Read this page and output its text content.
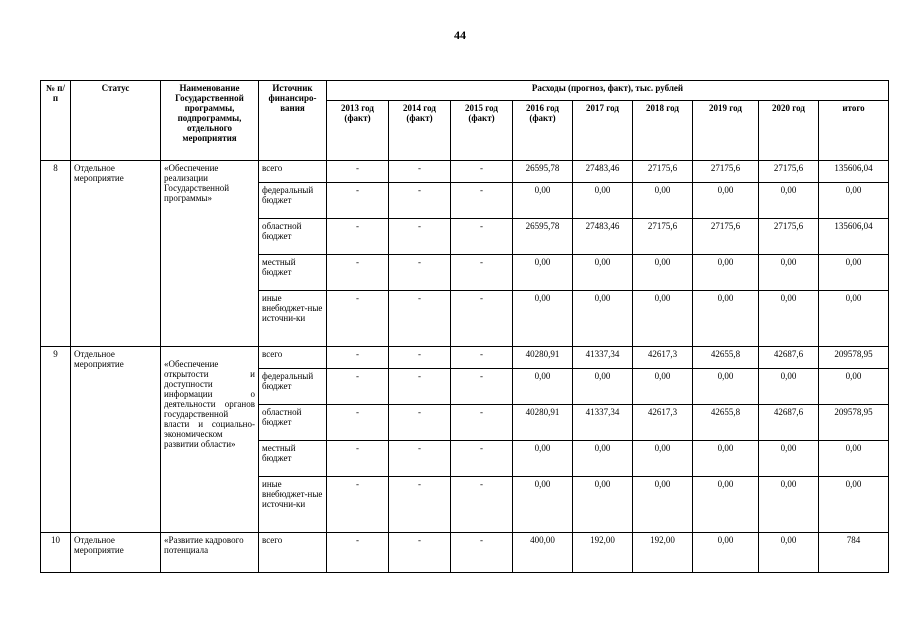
44
№ п/п	Статус	Наименование Государственной программы, подпрограммы, отдельного мероприятия	Источник финансиро-вания	Расходы (прогноз, факт), тыс. рублей								
				2013 год (факт)	2014 год (факт)	2015 год (факт)	2016 год (факт)	2017 год	2018 год	2019 год	2020 год	итого
8	Отдельное мероприятие	«Обеспечение реализации Государственной программы»	всего	-	-	-	26595,78	27483,46	27175,6	27175,6	27175,6	135606,04
			федеральный бюджет	-	-	-	0,00	0,00	0,00	0,00	0,00	0,00
			областной бюджет	-	-	-	26595,78	27483,46	27175,6	27175,6	27175,6	135606,04
			местный бюджет	-	-	-	0,00	0,00	0,00	0,00	0,00	0,00
			иные внебюджет-ные источни-ки	-	-	-	0,00	0,00	0,00	0,00	0,00	0,00
9	Отдельное мероприятие	«Обеспечение открытости и доступности информации о деятельности органов государственной власти и социально-экономическом развитии области»	всего	-	-	-	40280,91	41337,34	42617,3	42655,8	42687,6	209578,95
			федеральный бюджет	-	-	-	0,00	0,00	0,00	0,00	0,00	0,00
			областной бюджет	-	-	-	40280,91	41337,34	42617,3	42655,8	42687,6	209578,95
			местный бюджет	-	-	-	0,00	0,00	0,00	0,00	0,00	0,00
			иные внебюджет-ные источни-ки	-	-	-	0,00	0,00	0,00	0,00	0,00	0,00
10	Отдельное мероприятие	«Развитие кадрового потенциала	всего	-	-	-	400,00	192,00	192,00	0,00	0,00	784
